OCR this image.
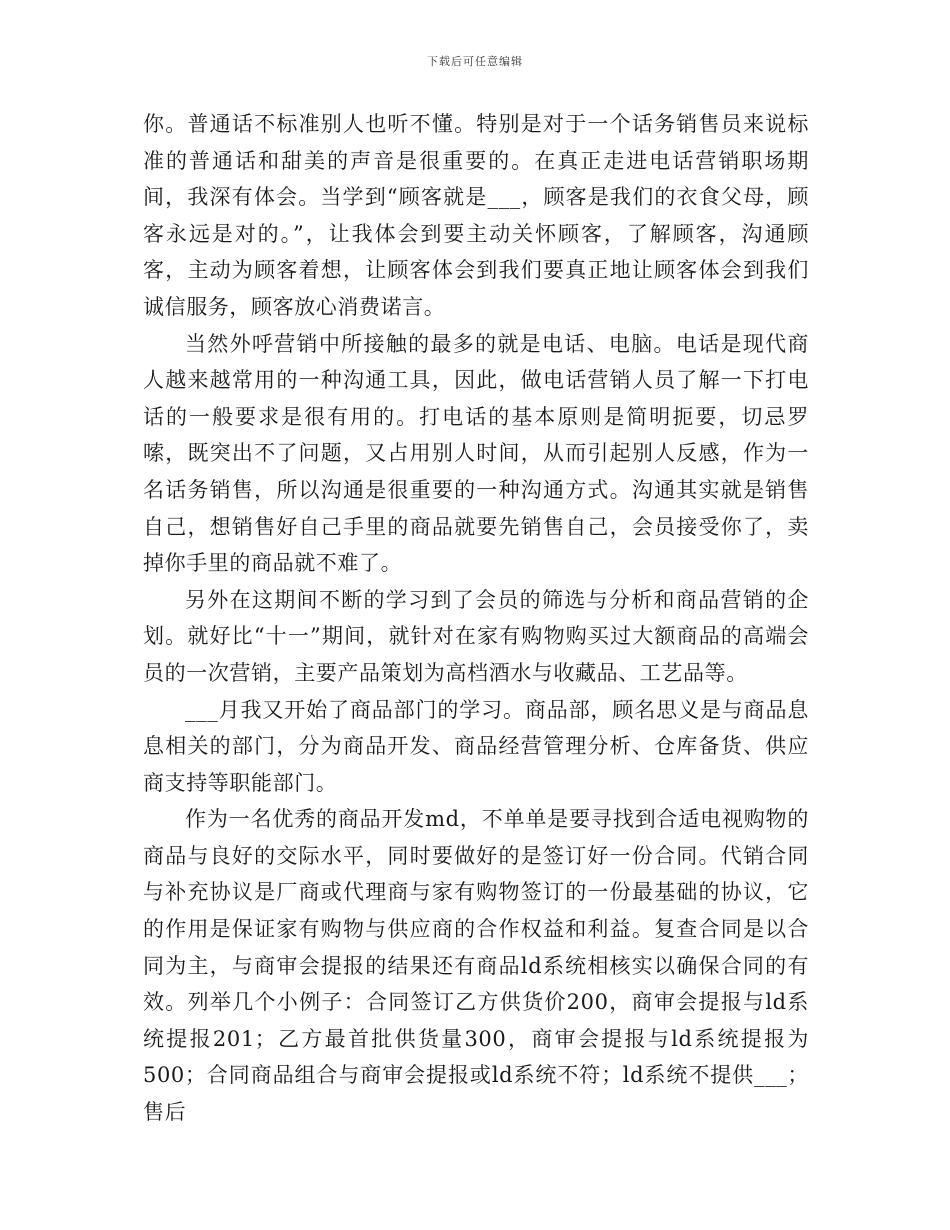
下载后可任意编辑

你。普通话不标准别人也听不懂。特别是对于一个话务销售员来说标准的普通话和甜美的声音是很重要的。在真正走进电话营销职场期间，我深有体会。当学到“顾客就是___，顾客是我们的衣食父母，顾客永远是对的。”，让我体会到要主动关怀顾客，了解顾客，沟通顾客，主动为顾客着想，让顾客体会到我们要真正地让顾客体会到我们诚信服务，顾客放心消费诺言。

当然外呼营销中所接触的最多的就是电话、电脑。电话是现代商人越来越常用的一种沟通工具，因此，做电话营销人员了解一下打电话的一般要求是很有用的。打电话的基本原则是简明扼要，切忌罗嗦，既突出不了问题，又占用别人时间，从而引起别人反感，作为一名话务销售，所以沟通是很重要的一种沟通方式。沟通其实就是销售自己，想销售好自己手里的商品就要先销售自己，会员接受你了，卖掉你手里的商品就不难了。

另外在这期间不断的学习到了会员的筛选与分析和商品营销的企划。就好比“十一”期间，就针对在家有购物购买过大额商品的高端会员的一次营销，主要产品策划为高档酒水与收藏品、工艺品等。

___月我又开始了商品部门的学习。商品部，顾名思义是与商品息息相关的部门，分为商品开发、商品经营管理分析、仓库备货、供应商支持等职能部门。

作为一名优秀的商品开发md，不单单是要寻找到合适电视购物的商品与良好的交际水平，同时要做好的是签订好一份合同。代销合同与补充协议是厂商或代理商与家有购物签订的一份最基础的协议，它的作用是保证家有购物与供应商的合作权益和利益。复查合同是以合同为主，与商审会提报的结果还有商品ld系统相核实以确保合同的有效。列举几个小例子：合同签订乙方供货价200，商审会提报与ld系统提报201；乙方最首批供货量300，商审会提报与ld系统提报为500；合同商品组合与商审会提报或ld系统不符；ld系统不提供___；售后
